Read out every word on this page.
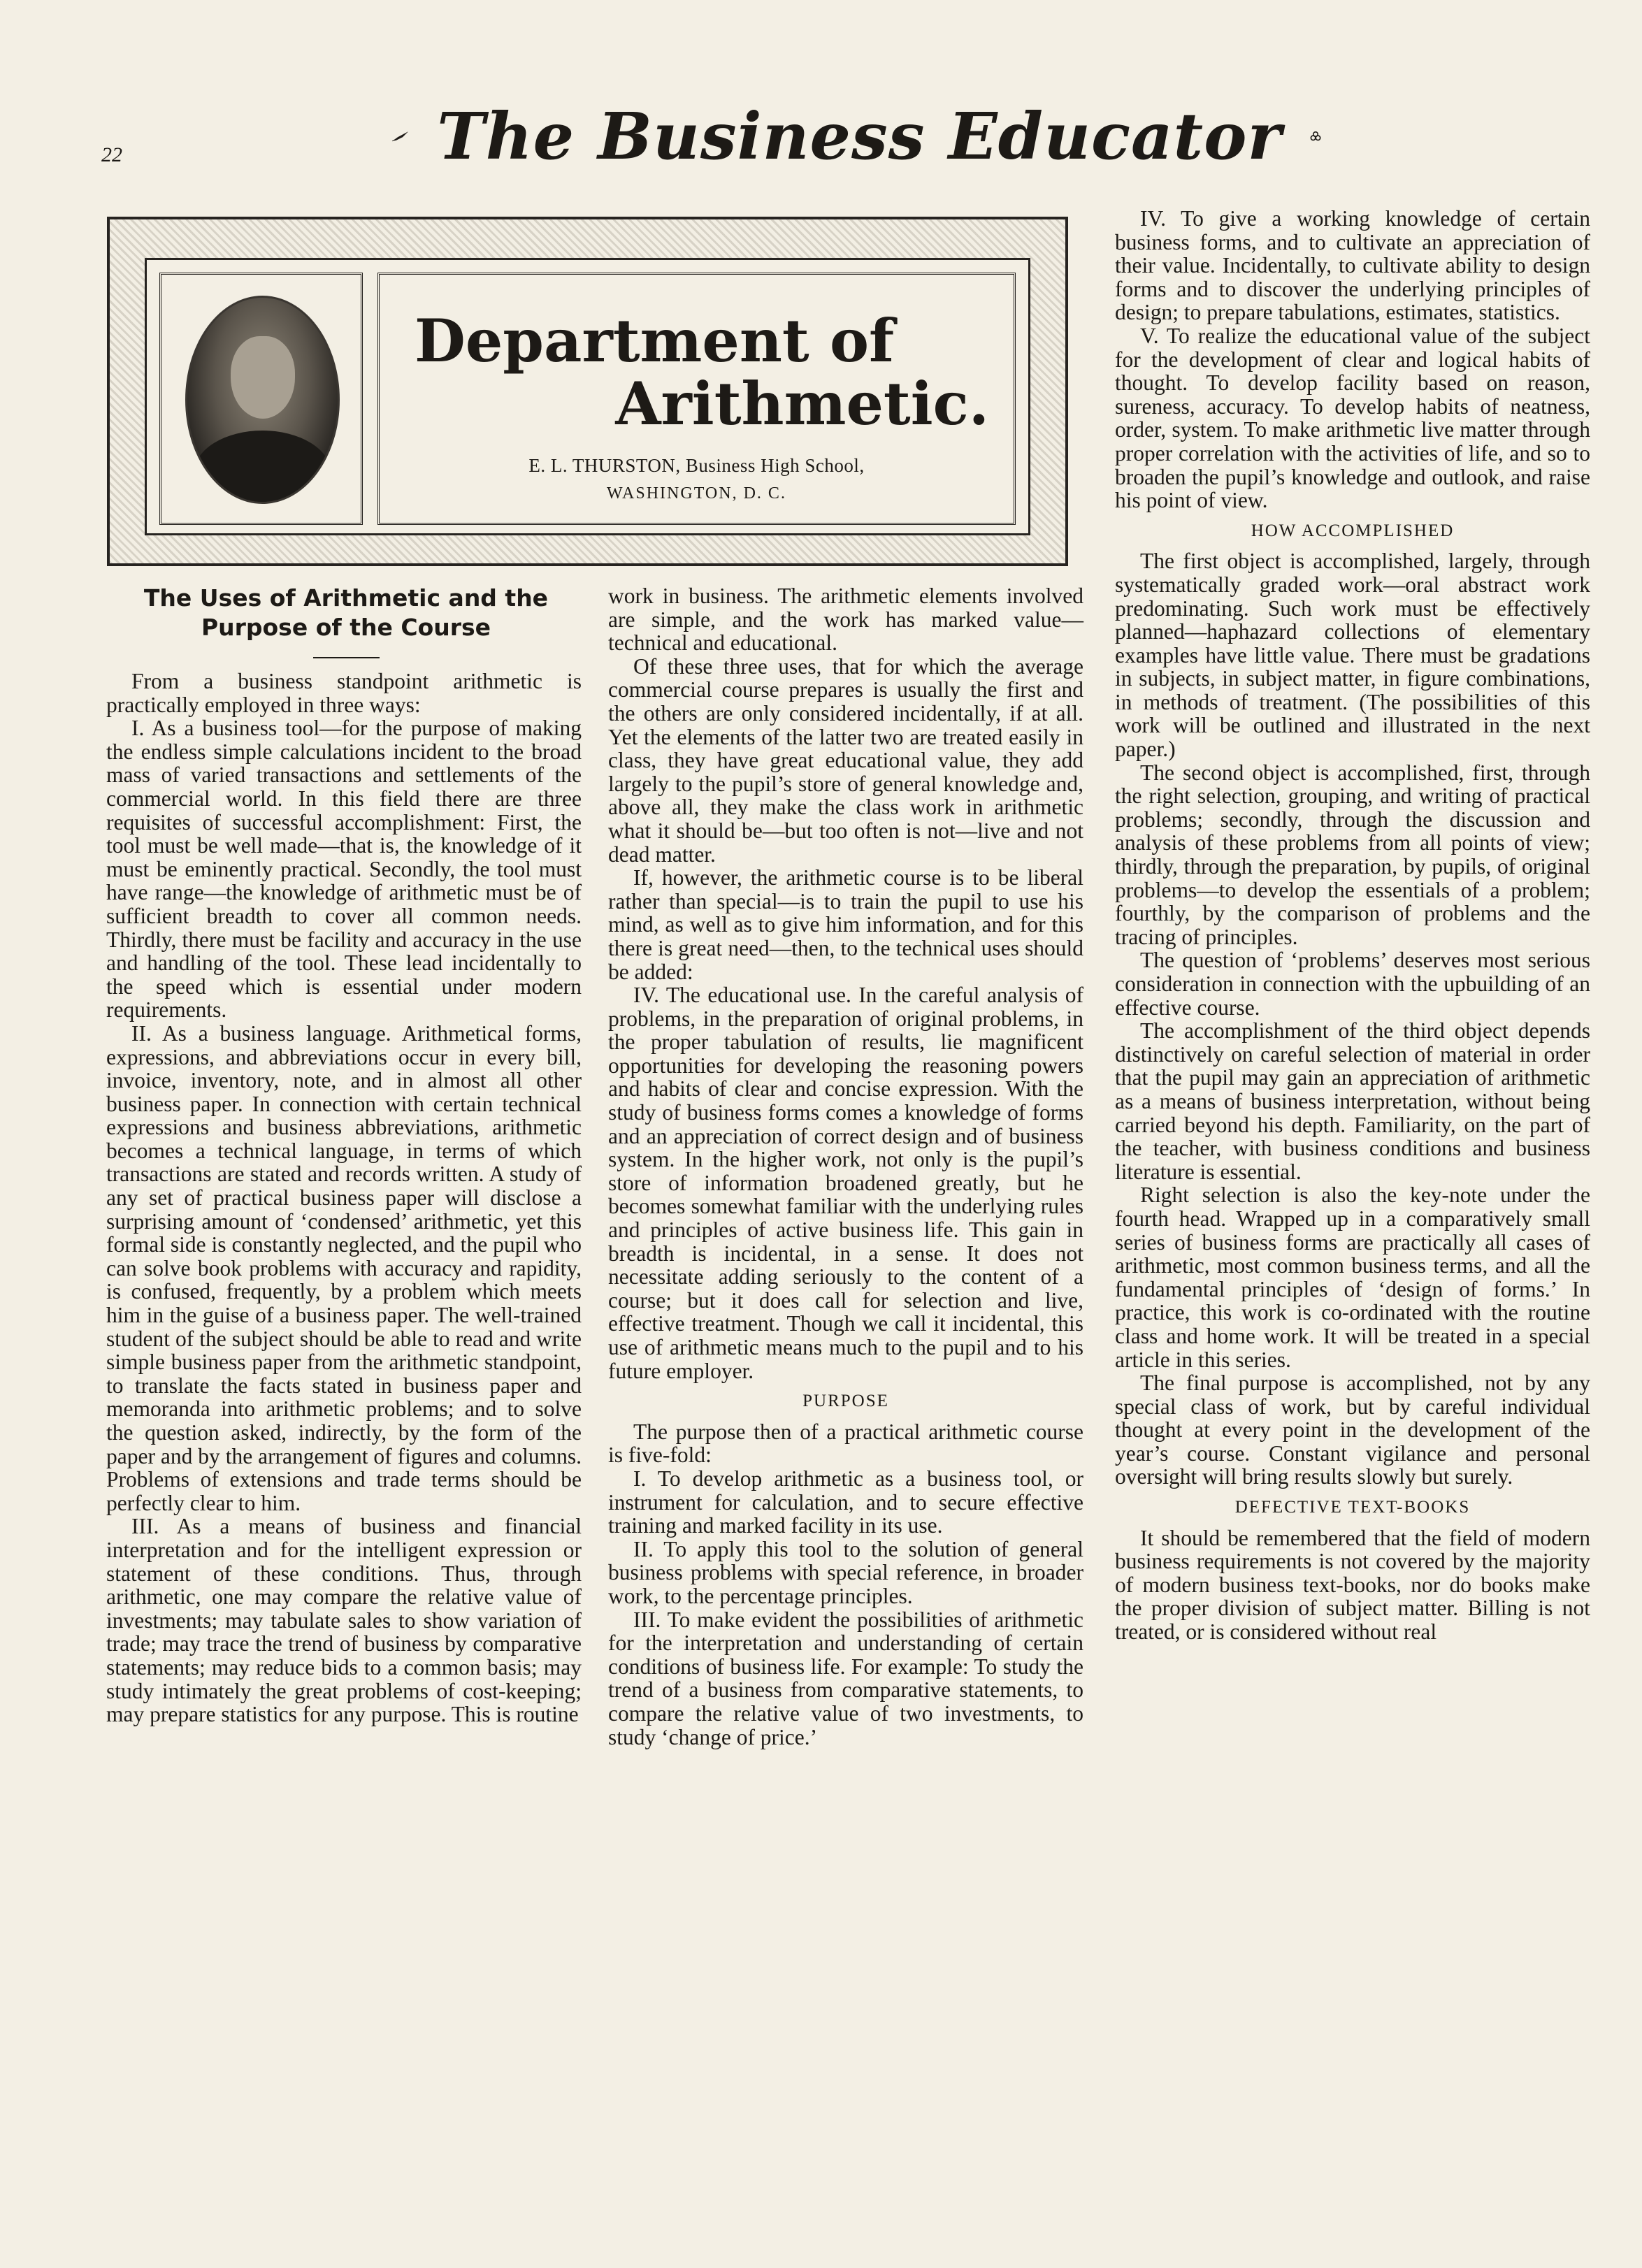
22	The Business Educator
Department of
Arithmetic.
E. L. THURSTON, Business High School,
WASHINGTON, D. C.
The Uses of Arithmetic and the
Purpose of the Course

From a business standpoint arithmetic is practically employed in three ways:

I. As a business tool—for the purpose of making the endless simple calculations incident to the broad mass of varied transactions and settlements of the commercial world. In this field there are three requisites of successful accomplishment: First, the tool must be well made—that is, the knowledge of it must be eminently practical. Secondly, the tool must have range—the knowledge of arithmetic must be of sufficient breadth to cover all common needs. Thirdly, there must be facility and accuracy in the use and handling of the tool. These lead incidentally to the speed which is essential under modern requirements.

II. As a business language. Arithmetical forms, expressions, and abbreviations occur in every bill, invoice, inventory, note, and in almost all other business paper. In connection with certain technical expressions and business abbreviations, arithmetic becomes a technical language, in terms of which transactions are stated and records written. A study of any set of practical business paper will disclose a surprising amount of ‘condensed’ arithmetic, yet this formal side is constantly neglected, and the pupil who can solve book problems with accuracy and rapidity, is confused, frequently, by a problem which meets him in the guise of a business paper. The well-trained student of the subject should be able to read and write simple business paper from the arithmetic standpoint, to translate the facts stated in business paper and memoranda into arithmetic problems; and to solve the question asked, indirectly, by the form of the paper and by the arrangement of figures and columns. Problems of extensions and trade terms should be perfectly clear to him.

III. As a means of business and financial interpretation and for the intelligent expression or statement of these conditions. Thus, through arithmetic, one may compare the relative value of investments; may tabulate sales to show variation of trade; may trace the trend of business by comparative statements; may reduce bids to a common basis; may study intimately the great problems of cost-keeping; may prepare statistics for any purpose. This is routine

work in business. The arithmetic elements involved are simple, and the work has marked value—technical and educational.

Of these three uses, that for which the average commercial course prepares is usually the first and the others are only considered incidentally, if at all. Yet the elements of the latter two are treated easily in class, they have great educational value, they add largely to the pupil’s store of general knowledge and, above all, they make the class work in arithmetic what it should be—but too often is not—live and not dead matter.

If, however, the arithmetic course is to be liberal rather than special—is to train the pupil to use his mind, as well as to give him information, and for this there is great need—then, to the technical uses should be added:

IV. The educational use. In the careful analysis of problems, in the preparation of original problems, in the proper tabulation of results, lie magnificent opportunities for developing the reasoning powers and habits of clear and concise expression. With the study of business forms comes a knowledge of forms and an appreciation of correct design and of business system. In the higher work, not only is the pupil’s store of information broadened greatly, but he becomes somewhat familiar with the underlying rules and principles of active business life. This gain in breadth is incidental, in a sense. It does not necessitate adding seriously to the content of a course; but it does call for selection and live, effective treatment. Though we call it incidental, this use of arithmetic means much to the pupil and to his future employer.

PURPOSE

The purpose then of a practical arithmetic course is five-fold:

I. To develop arithmetic as a business tool, or instrument for calculation, and to secure effective training and marked facility in its use.

II. To apply this tool to the solution of general business problems with special reference, in broader work, to the percentage principles.

III. To make evident the possibilities of arithmetic for the interpretation and understanding of certain conditions of business life. For example: To study the trend of a business from comparative statements, to compare the relative value of two investments, to study ‘change of price.’

IV. To give a working knowledge of certain business forms, and to cultivate an appreciation of their value. Incidentally, to cultivate ability to design forms and to discover the underlying principles of design; to prepare tabulations, estimates, statistics.

V. To realize the educational value of the subject for the development of clear and logical habits of thought. To develop facility based on reason, sureness, accuracy. To develop habits of neatness, order, system. To make arithmetic live matter through proper correlation with the activities of life, and so to broaden the pupil’s knowledge and outlook, and raise his point of view.

HOW ACCOMPLISHED

The first object is accomplished, largely, through systematically graded work—oral abstract work predominating. Such work must be effectively planned—haphazard collections of elementary examples have little value. There must be gradations in subjects, in subject matter, in figure combinations, in methods of treatment. (The possibilities of this work will be outlined and illustrated in the next paper.)

The second object is accomplished, first, through the right selection, grouping, and writing of practical problems; secondly, through the discussion and analysis of these problems from all points of view; thirdly, through the preparation, by pupils, of original problems—to develop the essentials of a problem; fourthly, by the comparison of problems and the tracing of principles.

The question of ‘problems’ deserves most serious consideration in connection with the upbuilding of an effective course.

The accomplishment of the third object depends distinctively on careful selection of material in order that the pupil may gain an appreciation of arithmetic as a means of business interpretation, without being carried beyond his depth. Familiarity, on the part of the teacher, with business conditions and business literature is essential.

Right selection is also the key-note under the fourth head. Wrapped up in a comparatively small series of business forms are practically all cases of arithmetic, most common business terms, and all the fundamental principles of ‘design of forms.’ In practice, this work is co-ordinated with the routine class and home work. It will be treated in a special article in this series.

The final purpose is accomplished, not by any special class of work, but by careful individual thought at every point in the development of the year’s course. Constant vigilance and personal oversight will bring results slowly but surely.

DEFECTIVE TEXT-BOOKS

It should be remembered that the field of modern business requirements is not covered by the majority of modern business text-books, nor do books make the proper division of subject matter. Billing is not treated, or is considered without real
